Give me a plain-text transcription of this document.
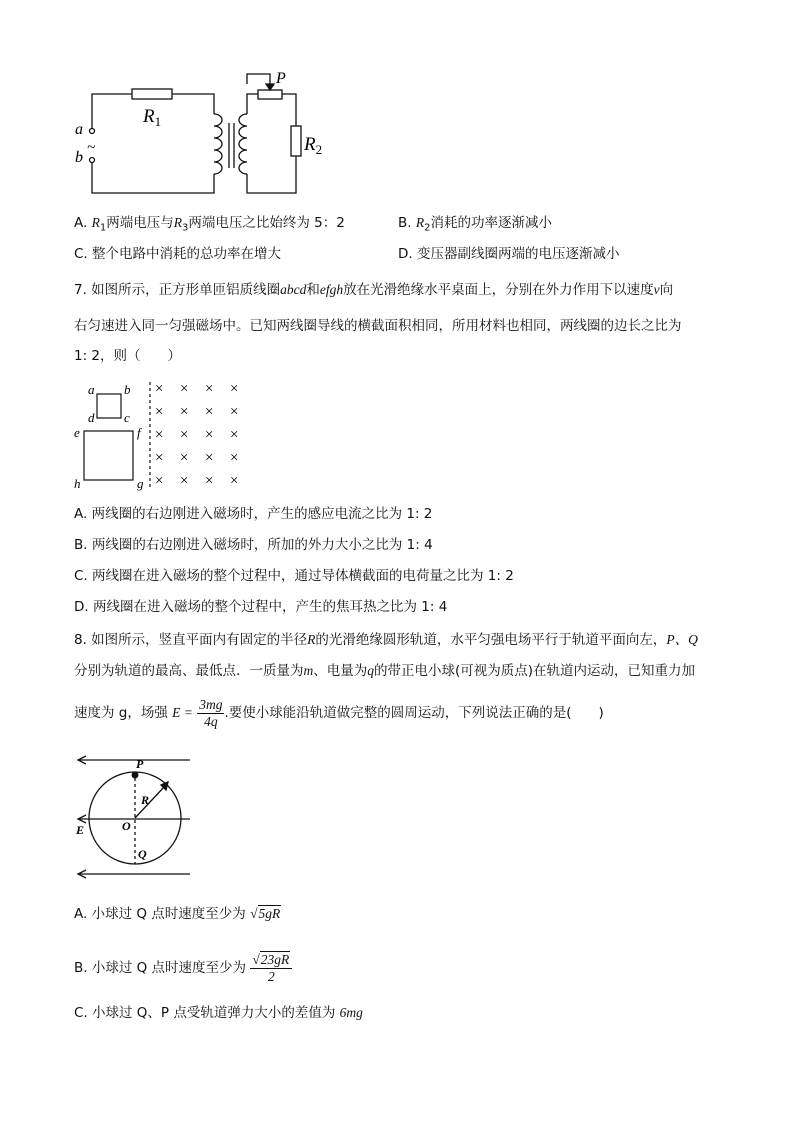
a
~
b
$R_1$
P
$R_2$
A. $R_1$两端电压与$R_3$两端电压之比始终为 5：2	B. $R_2$消耗的功率逐渐减小
C. 整个电路中消耗的总功率在增大	D. 变压器副线圈两端的电压逐渐减小
7. 如图所示，正方形单匝铝质线圈abcd和efgh放在光滑绝缘水平桌面上，分别在外力作用下以速度v向
右匀速进入同一匀强磁场中。已知两线圈导线的横截面积相同，所用材料也相同，两线圈的边长之比为
1: 2，则（　　）
a b
c
d
e	f
g
h
× × × ×
× × × ×
× × × ×
× × × ×
× × × ×
A. 两线圈的右边刚进入磁场时，产生的感应电流之比为 1: 2
B. 两线圈的右边刚进入磁场时，所加的外力大小之比为 1: 4
C. 两线圈在进入磁场的整个过程中，通过导体横截面的电荷量之比为 1: 2
D. 两线圈在进入磁场的整个过程中，产生的焦耳热之比为 1: 4
8. 如图所示，竖直平面内有固定的半径R的光滑绝缘圆形轨道，水平匀强电场平行于轨道平面向左，P、Q
分别为轨道的最高、最低点．一质量为m、电量为q的带正电小球(可视为质点)在轨道内运动，已知重力加
速度为 g，场强 $E = \frac{3mg}{4q}$ .要使小球能沿轨道做完整的圆周运动，下列说法正确的是(　　)
P
R
O
Q
E
A. 小球过 Q 点时速度至少为 √5gR
B. 小球过 Q 点时速度至少为 $\frac{√23gR}{2}$
C. 小球过 Q、P 点受轨道弹力大小的差值为 6mg
